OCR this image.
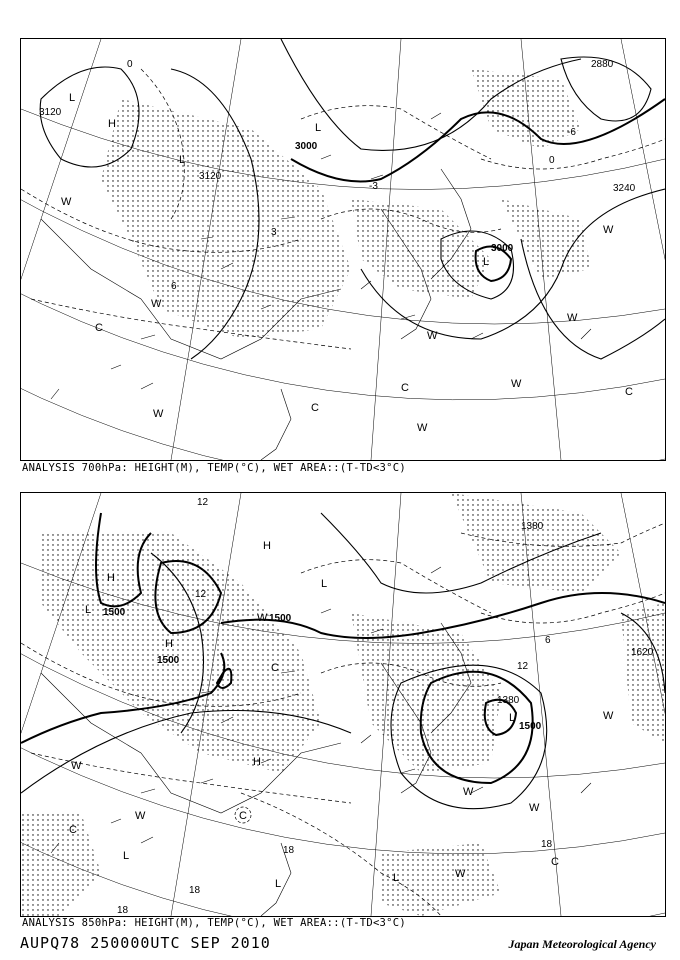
3120
3120
3000
3000
2880
3240
0
-6
0
-3
3
6
H
L
L
L
L
W
W
W
W
W
W
W
W
C
C
C	C
ANALYSIS 700hPa: HEIGHT(M), TEMP(°C), WET AREA::(T-TD<3°C)
1500
1500
1500
1500
1380
1620
1380
12
12
18
18
18
12
6
18
H
H
H
H
L
L
L
L
L	L
W
W
W
W
W
W
W
C
C
C
C
ANALYSIS 850hPa: HEIGHT(M), TEMP(°C), WET AREA::(T-TD<3°C)
AUPQ78 250000UTC SEP 2010	Japan Meteorological Agency
